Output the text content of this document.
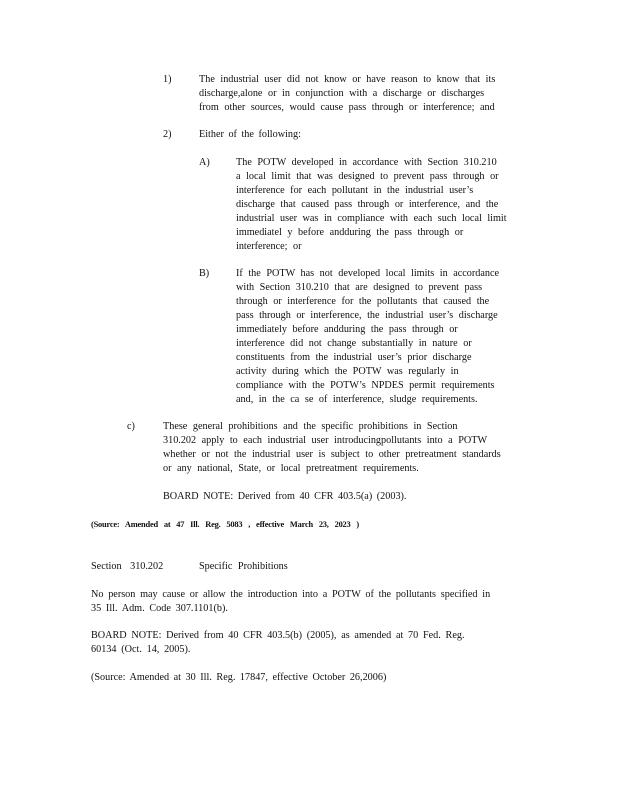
1)	The industrial user did not know or have reason to know that its
discharge,alone or in conjunction with a discharge or discharges
from other sources, would cause pass through or interference; and
2)	Either of the following:
A)	The POTW developed in accordance with Section 310.210
a local limit that was designed to prevent pass through or
interference for each pollutant in the industrial user’s
discharge that caused pass through or interference, and the
industrial user was in compliance with each such local limit
immediatel y before andduring the pass through or
interference; or
B)	If the POTW has not developed local limits in accordance
with Section 310.210 that are designed to prevent pass
through or interference for the pollutants that caused the
pass through or interference, the industrial user’s discharge
immediately before andduring the pass through or
interference did not change substantially in nature or
constituents from the industrial user’s prior discharge
activity during which the POTW was regularly in
compliance with the POTW’s NPDES permit requirements
and, in the ca se of interference, sludge requirements.
c)	These general prohibitions and the specific prohibitions in Section
310.202 apply to each industrial user introducingpollutants into a POTW
whether or not the industrial user is subject to other pretreatment standards
or any national, State, or local pretreatment requirements.
BOARD NOTE: Derived from 40 CFR 403.5(a) (2003).
(Source: Amended at 47 Ill. Reg. 5083 , effective March 23, 2023 )
Section 310.202	Specific Prohibitions
No person may cause or allow the introduction into a POTW of the pollutants specified in
35 Ill. Adm. Code 307.1101(b).
BOARD NOTE: Derived from 40 CFR 403.5(b) (2005), as amended at 70 Fed. Reg.
60134 (Oct. 14, 2005).
(Source: Amended at 30 Ill. Reg. 17847, effective October 26,2006)
